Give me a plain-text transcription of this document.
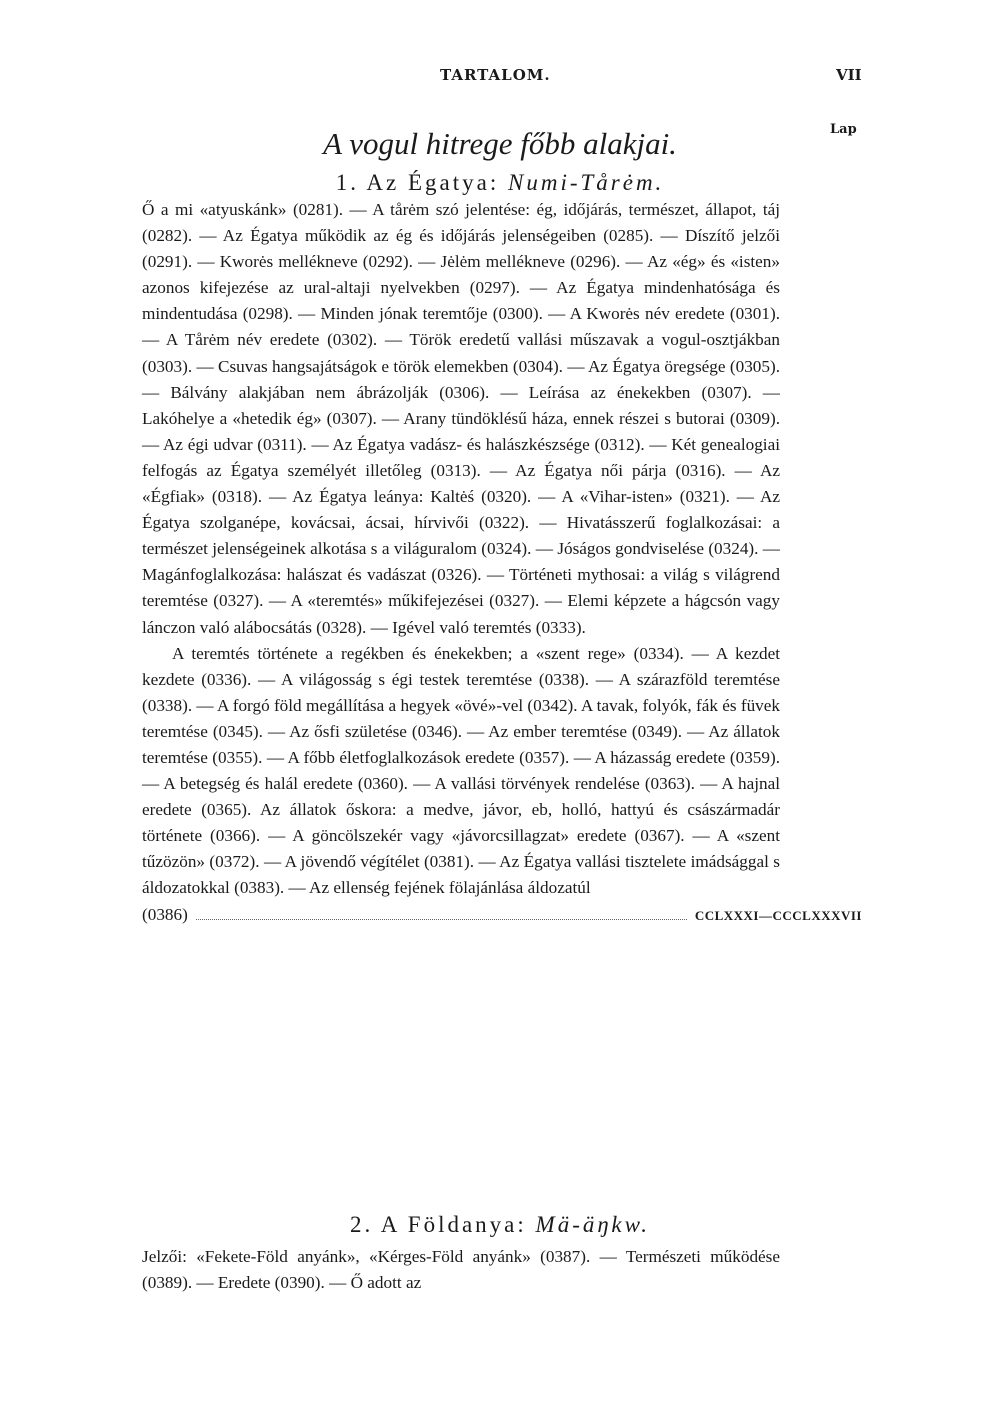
TARTALOM.	VII
Lap
A vogul hitrege főbb alakjai.
1. Az Égatya: Numi-Tårėm.

Ő a mi «atyuskánk» (0281). — A tårėm szó jelentése: ég, időjárás, természet, állapot, táj (0282). — Az Égatya működik az ég és időjárás jelenségeiben (0285). — Díszítő jelzői (0291). — Kworės mellékneve (0292). — Jėlėm mellékneve (0296). — Az «ég» és «isten» azonos kifejezése az ural-altaji nyelvekben (0297). — Az Égatya mindenhatósága és mindentudása (0298). — Minden jónak teremtője (0300). — A Kworės név eredete (0301). — A Tårėm név eredete (0302). — Török eredetű vallási műszavak a vogul-osztjákban (0303). — Csuvas hangsajátságok e török elemekben (0304). — Az Égatya öregsége (0305). — Bálvány alakjában nem ábrázolják (0306). — Leírása az énekekben (0307). — Lakóhelye a «hetedik ég» (0307). — Arany tündöklésű háza, ennek részei s butorai (0309). — Az égi udvar (0311). — Az Égatya vadász- és halászkészsége (0312). — Két genealogiai felfogás az Égatya személyét illetőleg (0313). — Az Égatya női párja (0316). — Az «Égfiak» (0318). — Az Égatya leánya: Kaltėś (0320). — A «Vihar-isten» (0321). — Az Égatya szolganépe, kovácsai, ácsai, hírvivői (0322). — Hivatásszerű foglalkozásai: a természet jelenségeinek alkotása s a világuralom (0324). — Jóságos gondviselése (0324). — Magánfoglalkozása: halászat és vadászat (0326). — Történeti mythosai: a világ s világrend teremtése (0327). — A «teremtés» műkifejezései (0327). — Elemi képzete a hágcsón vagy lánczon való alábocsátás (0328). — Igével való teremtés (0333).

A teremtés története a regékben és énekekben; a «szent rege» (0334). — A kezdet kezdete (0336). — A világosság s égi testek teremtése (0338). — A szárazföld teremtése (0338). — A forgó föld megállítása a hegyek «övé»-vel (0342). A tavak, folyók, fák és füvek teremtése (0345). — Az ősfi születése (0346). — Az ember teremtése (0349). — Az állatok teremtése (0355). — A főbb életfoglalkozások eredete (0357). — A házasság eredete (0359). — A betegség és halál eredete (0360). — A vallási törvények rendelése (0363). — A hajnal eredete (0365). Az állatok őskora: a medve, jávor, eb, holló, hattyú és császármadár története (0366). — A göncölszekér vagy «jávorcsillagzat» eredete (0367). — A «szent tűzözön» (0372). — A jövendő végítélet (0381). — Az Égatya vallási tisztelete imádsággal s áldozatokkal (0383). — Az ellenség fejének fölajánlása áldozatúl

(0386)	CCLXXXI—CCCLXXXVII
2. A Földanya: Mä-äŋkw.

Jelzői: «Fekete-Föld anyánk», «Kérges-Föld anyánk» (0387). — Természeti működése (0389). — Eredete (0390). — Ő adott az
